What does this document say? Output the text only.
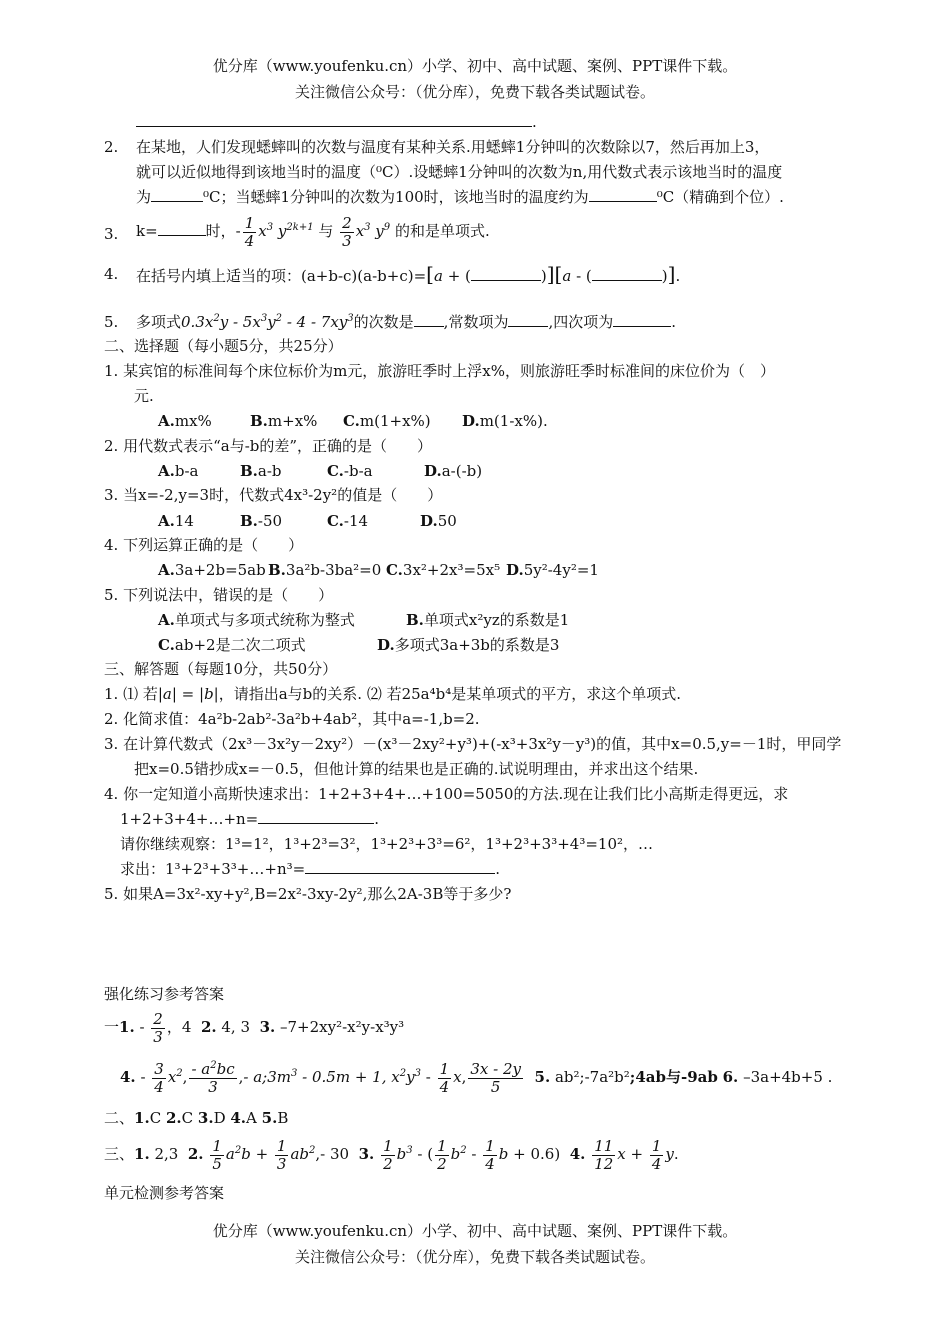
优分库（www.youfenku.cn）小学、初中、高中试题、案例、PPT课件下载。
关注微信公众号：（优分库），免费下载各类试题试卷。
.
2. 在某地，人们发现蟋蟀叫的次数与温度有某种关系.用蟋蟀1分钟叫的次数除以7，然后再加上3，
就可以近似地得到该地当时的温度（⁰C）.设蟋蟀1分钟叫的次数为n,用代数式表示该地当时的温度
为	⁰C；当蟋蟀1分钟叫的次数为100时，该地当时的温度约为	⁰C（精确到个位）.
3. k=	时，- $\frac{1}{4} x^3$ $y^{2k+1}$ 与 $\frac{2}{3} x^3$ $y^9$ 的和是单项式.
4. 在括号内填上适当的项：(a+b-c)(a-b+c)=[a + (	)][a - (	)].
5. 多项式$0.3x^2y - 5x^3y^2 - 4 - 7xy^3$的次数是 ,常数项为	,四次项为	.
二、选择题（每小题5分，共25分）
1. 某宾馆的标准间每个床位标价为m元，旅游旺季时上浮x%，则旅游旺季时标准间的床位价为（　）
元.
A.mx%	B.m+x% C.m(1+x%) D.m(1-x%).
2. 用代数式表示“a与-b的差”，正确的是（　　）
A.b-a	B.a-b	C.-b-a	D.a-(-b)
3. 当x=-2,y=3时，代数式4x³-2y²的值是（　　）
A.14	B.-50	C.-14	D.50
4. 下列运算正确的是（　　）
A.3a+2b=5ab B.3a²b-3ba²=0 C.3x²+2x³=5x⁵ D.5y²-4y²=1
5. 下列说法中，错误的是（　　）
A.单项式与多项式统称为整式	B.单项式x²yz的系数是1
C.ab+2是二次二项式	D.多项式3a+3b的系数是3
三、解答题（每题10分，共50分）
1. ⑴ 若|a| = |b|，请指出a与b的关系. ⑵ 若25a⁴b⁴是某单项式的平方，求这个单项式.
2. 化简求值：4a²b-2ab²-3a²b+4ab²，其中a=-1,b=2.
3. 在计算代数式（2x³－3x²y－2xy²）－(x³－2xy²+y³)+(-x³+3x²y－y³)的值，其中x=0.5,y=－1时，甲同学
把x=0.5错抄成x=－0.5，但他计算的结果也是正确的.试说明理由，并求出这个结果.
4. 你一定知道小高斯快速求出：1+2+3+4+…+100=5050的方法.现在让我们比小高斯走得更远，求
1+2+3+4+…+n=	.
请你继续观察：1³=1²，1³+2³=3²，1³+2³+3³=6²，1³+2³+3³+4³=10²，…
求出：1³+2³+3³+…+n³=	.
5. 如果A=3x²-xy+y²,B=2x²-3xy-2y²,那么2A-3B等于多少?
强化练习参考答案
一1. - $\frac{2}{3}$ ，4 2. 4, 3 3. –7+2xy²-x²y-x³y³
4. - $\frac{3}{4} x^2$, $\frac{- a^2bc}{3}$ ,- $a;3m^3 - 0.5m + 1$, $x^2y^3 - \frac{1}{4} x$, $\frac{3x - 2y}{5} 5$. ab²;-7a²b²;4ab与-9ab 6. –3a+4b+5 .
二、1.C 2.C 3.D 4.A 5.B
三、1. 2,3 2. $\frac{1}{5} a^2b + \frac{1}{3} ab^2,-$ 30  3. $\frac{1}{2} b^3$ - ( $\frac{1}{2} b^2 - \frac{1}{4}$ b + 0.6)  4. $\frac{11}{12}$ $x + \frac{1}{4} y$.
单元检测参考答案
优分库（www.youfenku.cn）小学、初中、高中试题、案例、PPT课件下载。
关注微信公众号：（优分库），免费下载各类试题试卷。
